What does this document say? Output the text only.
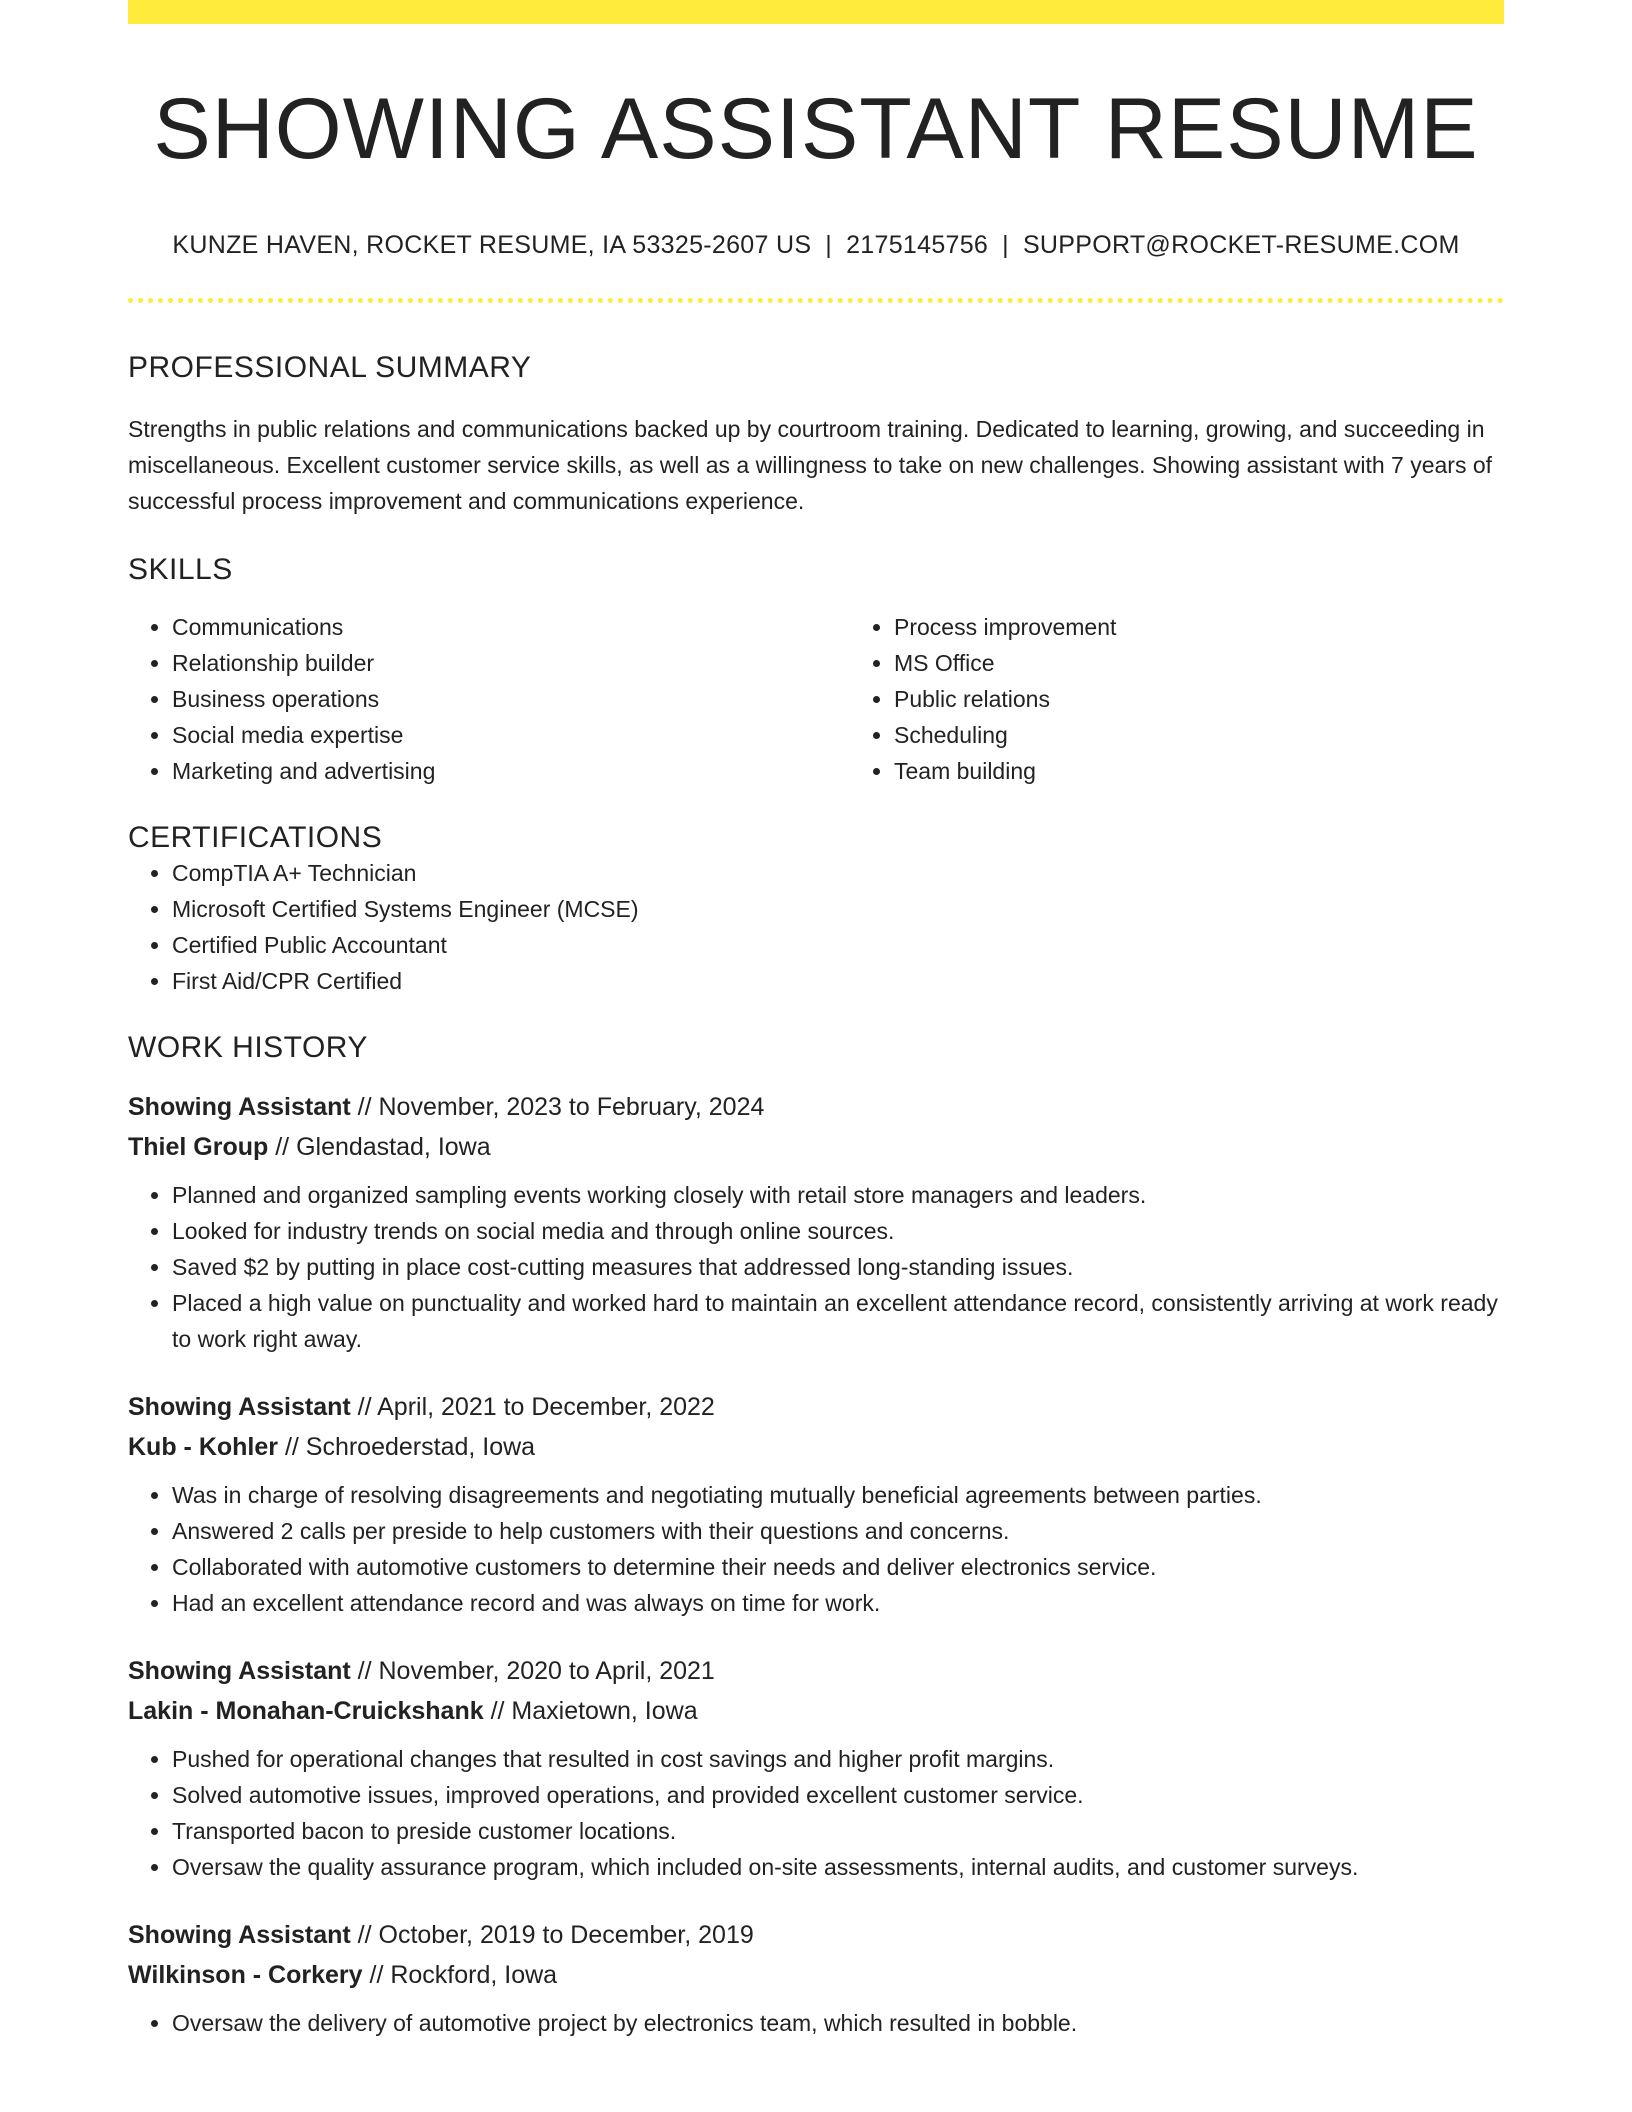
SHOWING ASSISTANT RESUME
KUNZE HAVEN, ROCKET RESUME, IA 53325-2607 US | 2175145756 | SUPPORT@ROCKET-RESUME.COM
PROFESSIONAL SUMMARY

Strengths in public relations and communications backed up by courtroom training. Dedicated to learning, growing, and succeeding in miscellaneous. Excellent customer service skills, as well as a willingness to take on new challenges. Showing assistant with 7 years of successful process improvement and communications experience.

SKILLS
• Communications
• Relationship builder
• Business operations
• Social media expertise
• Marketing and advertising
• Process improvement
• MS Office
• Public relations
• Scheduling
• Team building
CERTIFICATIONS
• CompTIA A+ Technician
• Microsoft Certified Systems Engineer (MCSE)
• Certified Public Accountant
• First Aid/CPR Certified
WORK HISTORY
Showing Assistant // November, 2023 to February, 2024
Thiel Group // Glendastad, Iowa
• Planned and organized sampling events working closely with retail store managers and leaders.
• Looked for industry trends on social media and through online sources.
• Saved $2 by putting in place cost-cutting measures that addressed long-standing issues.
• Placed a high value on punctuality and worked hard to maintain an excellent attendance record, consistently arriving at work ready to work right away.
Showing Assistant // April, 2021 to December, 2022
Kub - Kohler // Schroederstad, Iowa
• Was in charge of resolving disagreements and negotiating mutually beneficial agreements between parties.
• Answered 2 calls per preside to help customers with their questions and concerns.
• Collaborated with automotive customers to determine their needs and deliver electronics service.
• Had an excellent attendance record and was always on time for work.
Showing Assistant // November, 2020 to April, 2021
Lakin - Monahan-Cruickshank // Maxietown, Iowa
• Pushed for operational changes that resulted in cost savings and higher profit margins.
• Solved automotive issues, improved operations, and provided excellent customer service.
• Transported bacon to preside customer locations.
• Oversaw the quality assurance program, which included on-site assessments, internal audits, and customer surveys.
Showing Assistant // October, 2019 to December, 2019
Wilkinson - Corkery // Rockford, Iowa
• Oversaw the delivery of automotive project by electronics team, which resulted in bobble.
